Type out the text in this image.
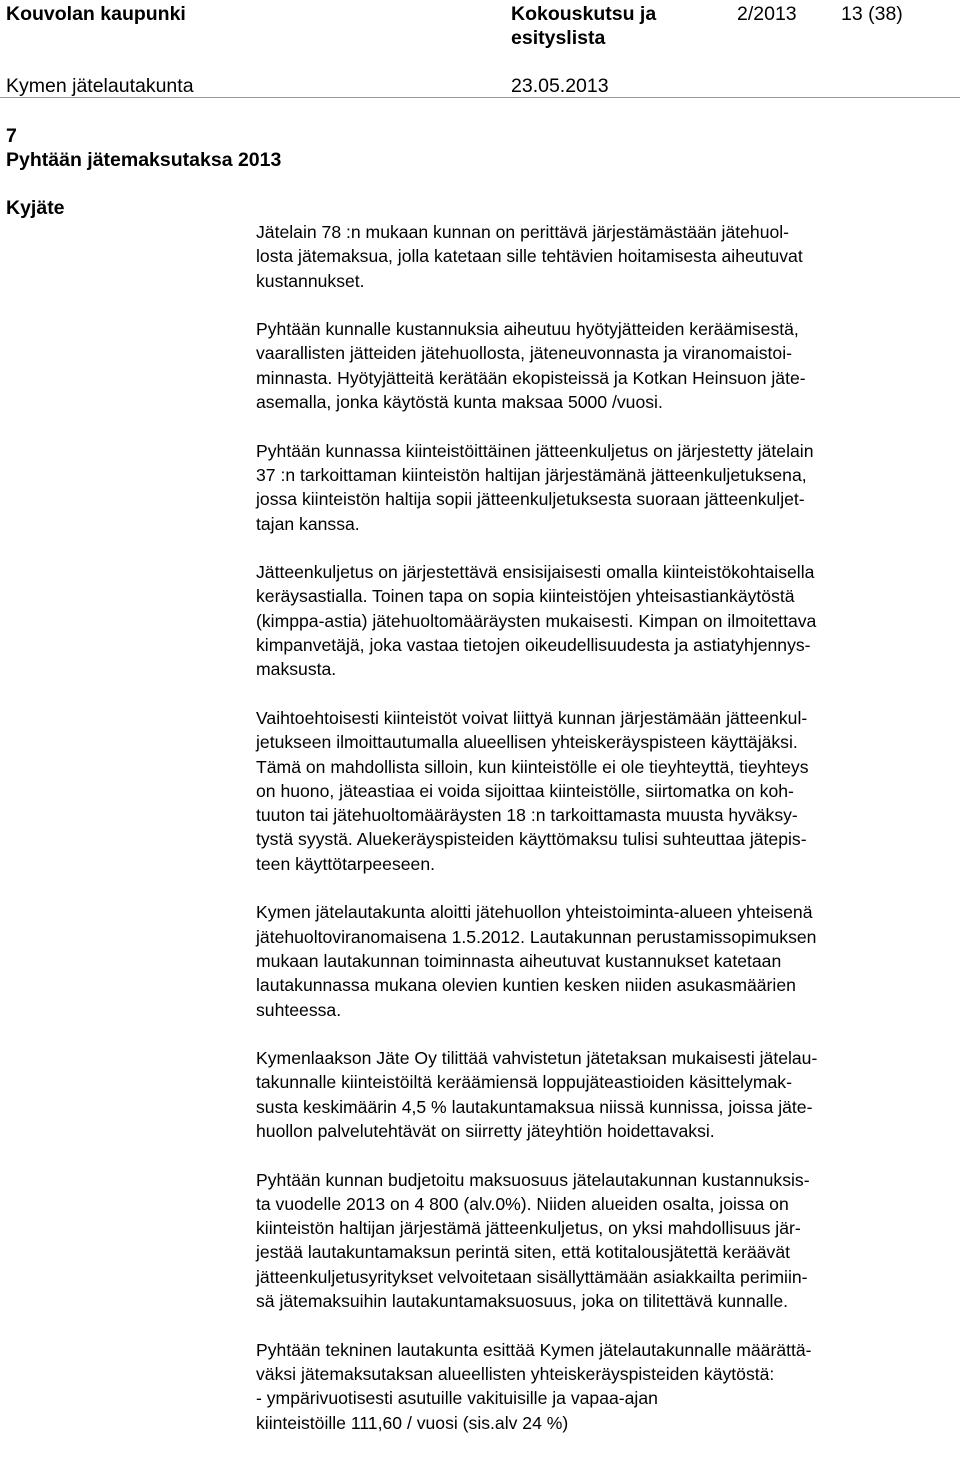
Kouvolan kaupunki	Kokouskutsu ja
esityslista
2/2013 13 (38)
Kymen jätelautakunta	23.05.2013
7
Pyhtään jätemaksutaksa 2013
Kyjäte
Jätelain 78 :n mukaan kunnan on perittävä järjestämästään jätehuol-
losta jätemaksua, jolla katetaan sille tehtävien hoitamisesta aiheutuvat
kustannukset.
Pyhtään kunnalle kustannuksia aiheutuu hyötyjätteiden keräämisestä,
vaarallisten jätteiden jätehuollosta, jäteneuvonnasta ja viranomaistoi-
minnasta. Hyötyjätteitä kerätään ekopisteissä ja Kotkan Heinsuon jäte-
asemalla, jonka käytöstä kunta maksaa 5000 /vuosi.
Pyhtään kunnassa kiinteistöittäinen jätteenkuljetus on järjestetty jätelain
37 :n tarkoittaman kiinteistön haltijan järjestämänä jätteenkuljetuksena,
jossa kiinteistön haltija sopii jätteenkuljetuksesta suoraan jätteenkuljet-
tajan kanssa.
Jätteenkuljetus on järjestettävä ensisijaisesti omalla kiinteistökohtaisella
keräysastialla. Toinen tapa on sopia kiinteistöjen yhteisastiankäytöstä
(kimppa-astia) jätehuoltomääräysten mukaisesti. Kimpan on ilmoitettava
kimpanvetäjä, joka vastaa tietojen oikeudellisuudesta ja astiatyhjennys-
maksusta.
Vaihtoehtoisesti kiinteistöt voivat liittyä kunnan järjestämään jätteenkul-
jetukseen ilmoittautumalla alueellisen yhteiskeräyspisteen käyttäjäksi.
Tämä on mahdollista silloin, kun kiinteistölle ei ole tieyhteyttä, tieyhteys
on huono, jäteastiaa ei voida sijoittaa kiinteistölle, siirtomatka on koh-
tuuton tai jätehuoltomääräysten 18 :n tarkoittamasta muusta hyväksy-
tystä syystä. Aluekeräyspisteiden käyttömaksu tulisi suhteuttaa jätepis-
teen käyttötarpeeseen.
Kymen jätelautakunta aloitti jätehuollon yhteistoiminta-alueen yhteisenä
jätehuoltoviranomaisena 1.5.2012. Lautakunnan perustamissopimuksen
mukaan lautakunnan toiminnasta aiheutuvat kustannukset katetaan
lautakunnassa mukana olevien kuntien kesken niiden asukasmäärien
suhteessa.
Kymenlaakson Jäte Oy tilittää vahvistetun jätetaksan mukaisesti jätelau-
takunnalle kiinteistöiltä keräämiensä loppujäteastioiden käsittelymak-
susta keskimäärin 4,5 % lautakuntamaksua niissä kunnissa, joissa jäte-
huollon palvelutehtävät on siirretty jäteyhtiön hoidettavaksi.
Pyhtään kunnan budjetoitu maksuosuus jätelautakunnan kustannuksis-
ta vuodelle 2013 on 4 800 (alv.0%). Niiden alueiden osalta, joissa on
kiinteistön haltijan järjestämä jätteenkuljetus, on yksi mahdollisuus jär-
jestää lautakuntamaksun perintä siten, että kotitalousjätettä keräävät
jätteenkuljetusyritykset velvoitetaan sisällyttämään asiakkailta perimiin-
sä jätemaksuihin lautakuntamaksuosuus, joka on tilitettävä kunnalle.
Pyhtään tekninen lautakunta esittää Kymen jätelautakunnalle määrättä-
väksi jätemaksutaksan alueellisten yhteiskeräyspisteiden käytöstä:
- ympärivuotisesti asutuille vakituisille ja vapaa-ajan
kiinteistöille 111,60 / vuosi (sis.alv 24 %)
